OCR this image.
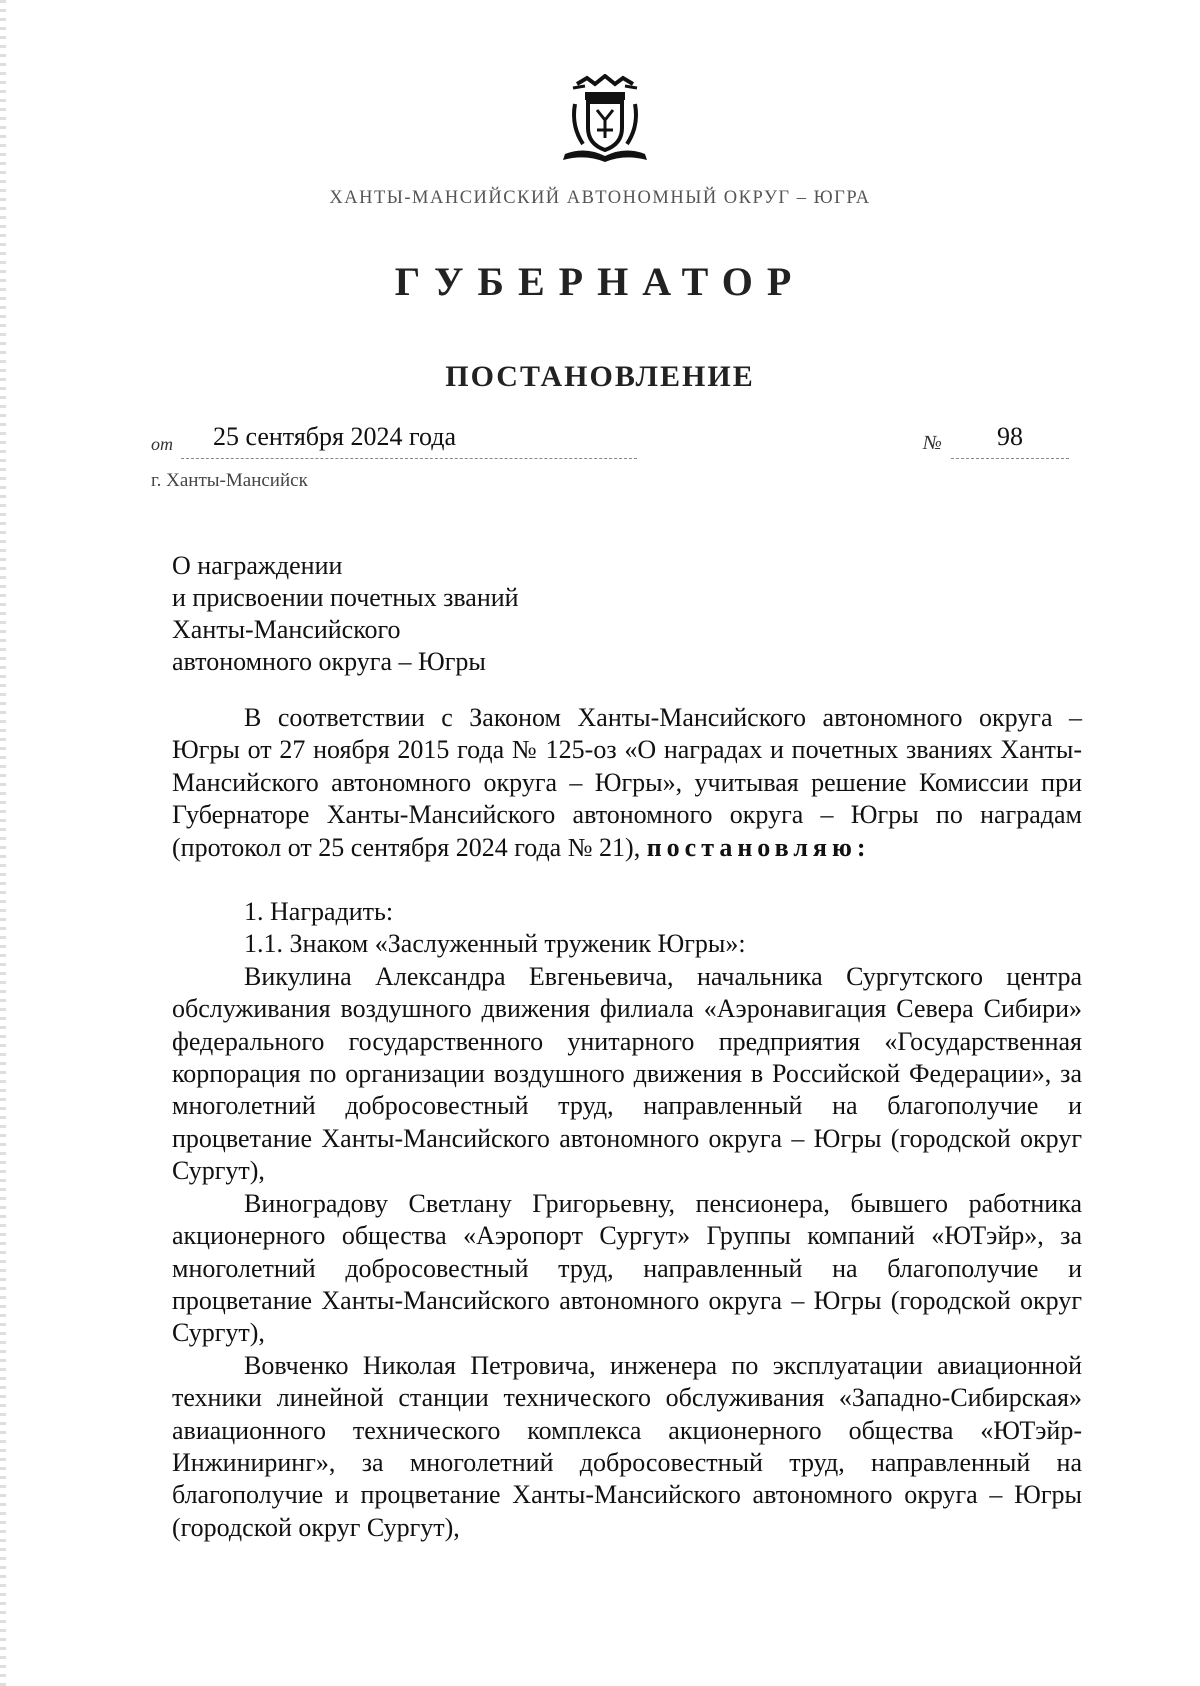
ХАНТЫ-МАНСИЙСКИЙ АВТОНОМНЫЙ ОКРУГ – ЮГРА
ГУБЕРНАТОР
ПОСТАНОВЛЕНИЕ
от 25 сентября 2024 года	№ 98
г. Ханты-Мансийск
О награждении
и присвоении почетных званий
Ханты-Мансийского
автономного округа – Югры

В соответствии с Законом Ханты-Мансийского автономного округа – Югры от 27 ноября 2015 года № 125-оз «О наградах и почетных званиях Ханты-Мансийского автономного округа – Югры», учитывая решение Комиссии при Губернаторе Ханты-Мансийского автономного округа – Югры по наградам (протокол от 25 сентября 2024 года № 21), постановляю:

1. Наградить:

1.1. Знаком «Заслуженный труженик Югры»:

Викулина Александра Евгеньевича, начальника Сургутского центра обслуживания воздушного движения филиала «Аэронавигация Севера Сибири» федерального государственного унитарного предприятия «Государственная корпорация по организации воздушного движения в Российской Федерации», за многолетний добросовестный труд, направленный на благополучие и процветание Ханты-Мансийского автономного округа – Югры (городской округ Сургут),

Виноградову Светлану Григорьевну, пенсионера, бывшего работника акционерного общества «Аэропорт Сургут» Группы компаний «ЮТэйр», за многолетний добросовестный труд, направленный на благополучие и процветание Ханты-Мансийского автономного округа – Югры (городской округ Сургут),

Вовченко Николая Петровича, инженера по эксплуатации авиационной техники линейной станции технического обслуживания «Западно-Сибирская» авиационного технического комплекса акционерного общества «ЮТэйр-Инжиниринг», за многолетний добросовестный труд, направленный на благополучие и процветание Ханты-Мансийского автономного округа – Югры (городской округ Сургут),
